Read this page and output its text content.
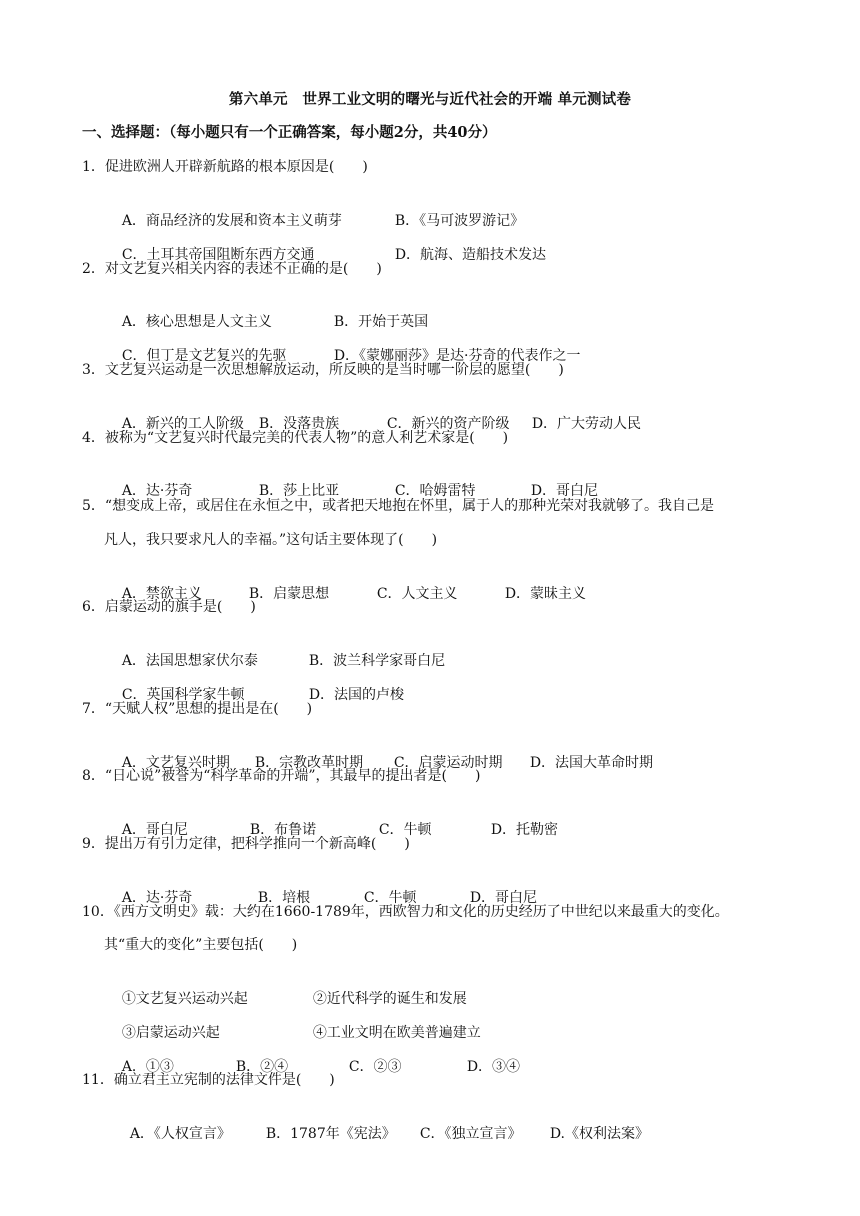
第六单元　世界工业文明的曙光与近代社会的开端 单元测试卷
一、选择题：（每小题只有一个正确答案，每小题2分，共40分）
1．促进欧洲人开辟新航路的根本原因是(　　)

A．商品经济的发展和资本主义萌芽	B．《马可波罗游记》

C．土耳其帝国阻断东西方交通	D．航海、造船技术发达

2．对文艺复兴相关内容的表述不正确的是(　　)

A．核心思想是人文主义	B．开始于英国

C．但丁是文艺复兴的先驱	D．《蒙娜丽莎》是达·芬奇的代表作之一

3．文艺复兴运动是一次思想解放运动，所反映的是当时哪一阶层的愿望(　　)

A．新兴的工人阶级 B．没落贵族	C．新兴的资产阶级 D．广大劳动人民

4．被称为“文艺复兴时代最完美的代表人物”的意人利艺术家是(　　)

A．达·芬奇	B．莎上比亚	C．哈姆雷特	D．哥白尼

5．“想变成上帝，或居住在永恒之中，或者把天地抱在怀里，属于人的那种光荣对我就够了。我自己是
凡人，我只要求凡人的幸福。”这句话主要体现了(　　)

A．禁欲主义	B．启蒙思想	C．人文主义	D．蒙昧主义

6．启蒙运动的旗手是(　　)

A．法国思想家伏尔泰	B．波兰科学家哥白尼

C．英国科学家牛顿	D．法国的卢梭

7．“天赋人权”思想的提出是在(　　)

A．文艺复兴时期 B．宗教改革时期 C．启蒙运动时期 D．法国大革命时期

8．“日心说”被誉为“科学革命的开端”，其最早的提出者是(　　)

A．哥白尼	B．布鲁诺	C．牛顿	D．托勒密

9．提出万有引力定律，把科学推向一个新高峰(　　)

A．达·芬奇	B．培根	C．牛顿	D．哥白尼

10．《西方文明史》载：大约在1660-1789年，西欧智力和文化的历史经历了中世纪以来最重大的变化。
其“重大的变化”主要包括(　　)

①文艺复兴运动兴起	②近代科学的诞生和发展

③启蒙运动兴起	④工业文明在欧美普遍建立

A．①③	B．②④	C．②③	D．③④

11．确立君主立宪制的法律文件是(　　)

A．《人权宣言》 B．1787年《宪法》 C．《独立宣言》 D.《权利法案》
